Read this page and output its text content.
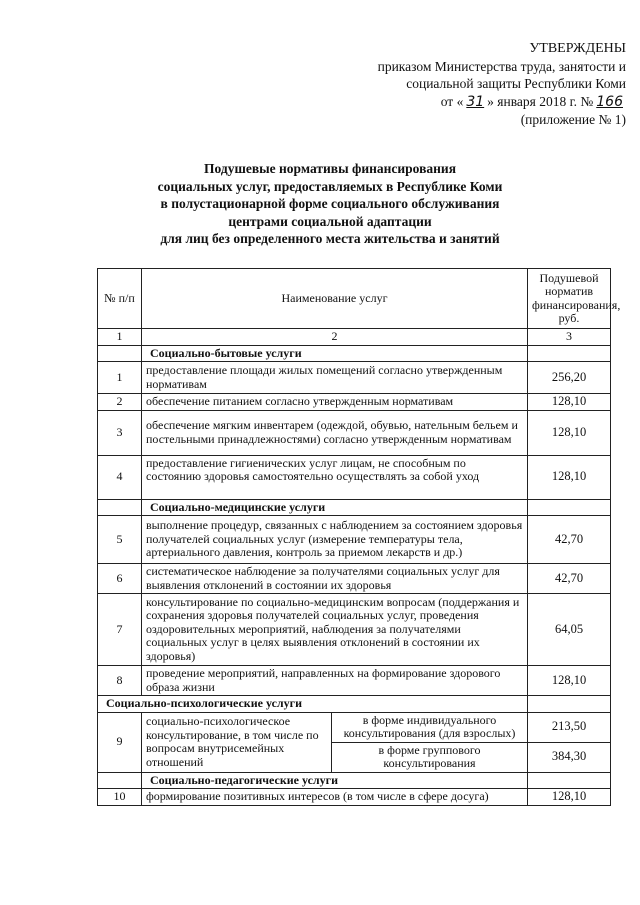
УТВЕРЖДЕНЫ
приказом Министерства труда, занятости и
социальной защиты Республики Коми
от « 31 » января 2018 г. № 166
(приложение № 1)
Подушевые нормативы финансирования
социальных услуг, предоставляемых в Республике Коми
в полустационарной форме социального обслуживания
центрами социальной адаптации
для лиц без определенного места жительства и занятий
№ п/п	Наименование услуг		Подушевой норматив финансирования, руб.
1	2		3
	Социально-бытовые услуги		
1	предоставление площади жилых помещений согласно утвержденным нормативам		256,20
2	обеспечение питанием согласно утвержденным нормативам		128,10
3	обеспечение мягким инвентарем (одеждой, обувью, нательным бельем и постельными принадлежностями) согласно утвержденным нормативам		128,10
4	предоставление гигиенических услуг лицам, не способным по состоянию здоровья самостоятельно осуществлять за собой уход		128,10
	Социально-медицинские услуги		
5	выполнение процедур, связанных с наблюдением за состоянием здоровья получателей социальных услуг (измерение температуры тела, артериального давления, контроль за приемом лекарств и др.)		42,70
6	систематическое наблюдение за получателями социальных услуг для выявления отклонений в состоянии их здоровья		42,70
7	консультирование по социально-медицинским вопросам (поддержания и сохранения здоровья получателей социальных услуг, проведения оздоровительных мероприятий, наблюдения за получателями социальных услуг в целях выявления отклонений в состоянии их здоровья)		64,05
8	проведение мероприятий, направленных на формирование здорового образа жизни		128,10
Социально-психологические услуги			
9	социально-психологическое консультирование, в том числе по вопросам внутрисемейных отношений	в форме индивидуального консультирования (для взрослых)	213,50
		в форме группового консультирования	384,30
	Социально-педагогические услуги		
10	формирование позитивных интересов (в том числе в сфере досуга)		128,10
